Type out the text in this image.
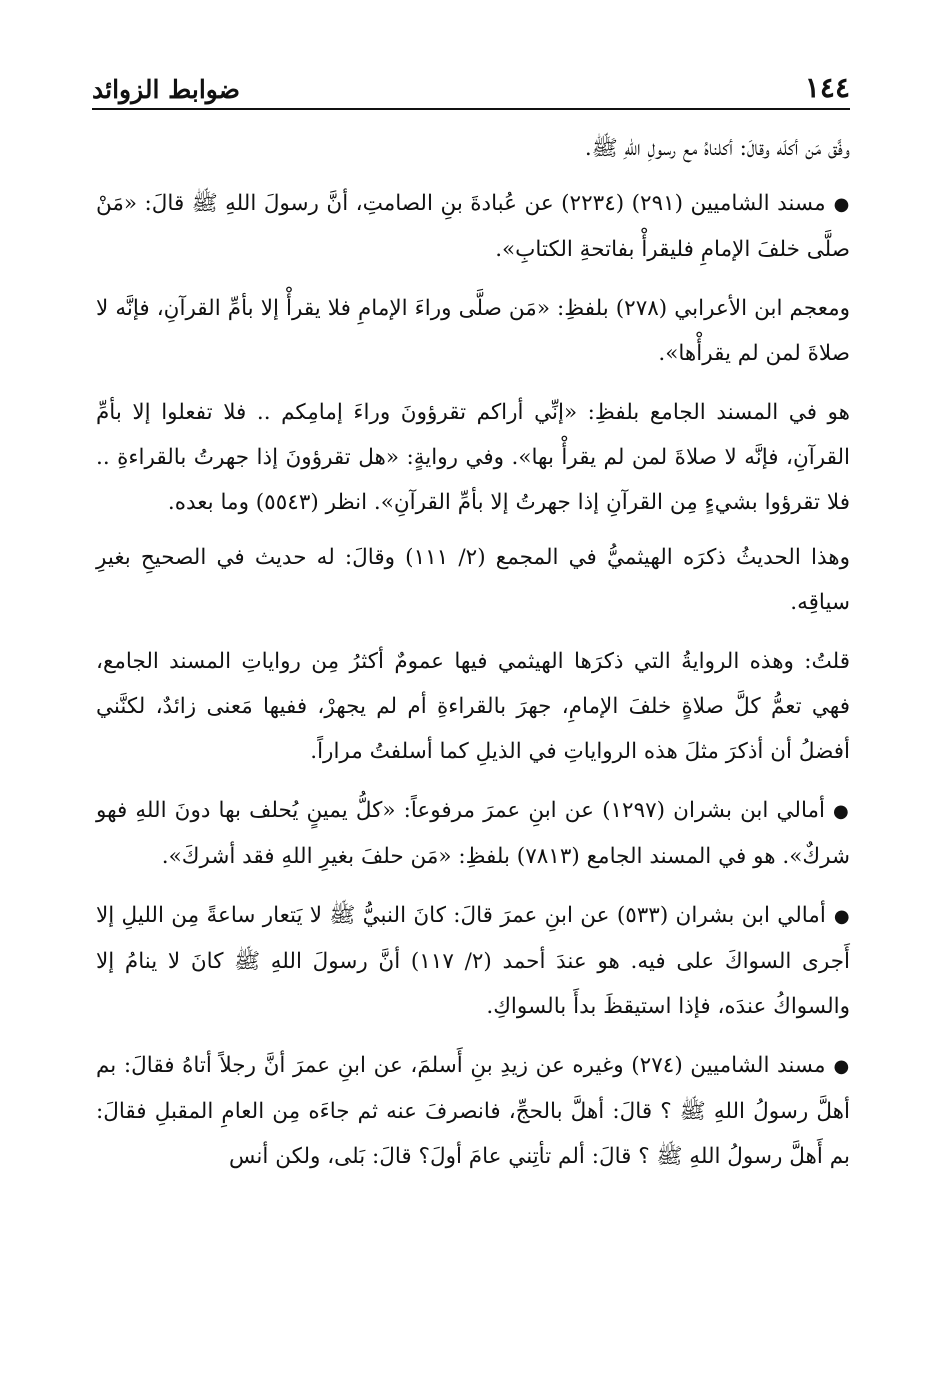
١٤٤
ضوابط الزوائد

وفَّق مَن أكلَه وقالَ: أكلناهُ مع رسولِ اللهِ ﷺ.

●مسند الشاميين (٢٩١) (٢٢٣٤) عن عُبادةَ بنِ الصامتِ، أنَّ رسولَ اللهِ ﷺ قالَ: «مَنْ صلَّى خلفَ الإمامِ فليقرأْ بفاتحةِ الكتابِ».

ومعجم ابن الأعرابي (٢٧٨) بلفظِ: «مَن صلَّى وراءَ الإمامِ فلا يقرأْ إلا بأمِّ القرآنِ، فإنَّه لا صلاةَ لمن لم يقرأْها».

هو في المسند الجامع بلفظِ: «إنِّي أراكم تقرؤونَ وراءَ إمامِكم .. فلا تفعلوا إلا بأمِّ القرآنِ، فإنَّه لا صلاةَ لمن لم يقرأْ بها». وفي روايةٍ: «هل تقرؤونَ إذا جهرتُ بالقراءةِ .. فلا تقرؤوا بشيءٍ مِن القرآنِ إذا جهرتُ إلا بأمِّ القرآنِ». انظر (٥٥٤٣) وما بعده.

وهذا الحديثُ ذكرَه الهيثميُّ في المجمع (٢/ ١١١) وقالَ: له حديث في الصحيحِ بغيرِ سياقِه.

قلتُ: وهذه الروايةُ التي ذكرَها الهيثمي فيها عمومٌ أكثرُ مِن رواياتِ المسند الجامع، فهي تعمُّ كلَّ صلاةٍ خلفَ الإمامِ، جهرَ بالقراءةِ أم لم يجهرْ، ففيها مَعنى زائدٌ، لكنَّني أفضلُ أن أذكرَ مثلَ هذه الرواياتِ في الذيلِ كما أسلفتُ مراراً.

●أمالي ابن بشران (١٢٩٧) عن ابنِ عمرَ مرفوعاً: «كلُّ يمينٍ يُحلف بها دونَ اللهِ فهو شركٌ». هو في المسند الجامع (٧٨١٣) بلفظِ: «مَن حلفَ بغيرِ اللهِ فقد أشركَ».

●أمالي ابن بشران (٥٣٣) عن ابنِ عمرَ قالَ: كانَ النبيُّ ﷺ لا يَتعار ساعةً مِن الليلِ إلا أَجرى السواكَ على فيه. هو عندَ أحمد (٢/ ١١٧) أنَّ رسولَ اللهِ ﷺ كانَ لا ينامُ إلا والسواكُ عندَه، فإذا استيقظَ بدأَ بالسواكِ.

●مسند الشاميين (٢٧٤) وغيره عن زيدِ بنِ أَسلمَ، عن ابنِ عمرَ أنَّ رجلاً أتاهُ فقالَ: بم أهلَّ رسولُ اللهِ ﷺ ؟ قالَ: أهلَّ بالحجِّ، فانصرفَ عنه ثم جاءَه مِن العامِ المقبلِ فقالَ: بم أَهلَّ رسولُ اللهِ ﷺ ؟ قالَ: ألم تأتِني عامَ أولَ؟ قالَ: بَلى، ولكن أنس
